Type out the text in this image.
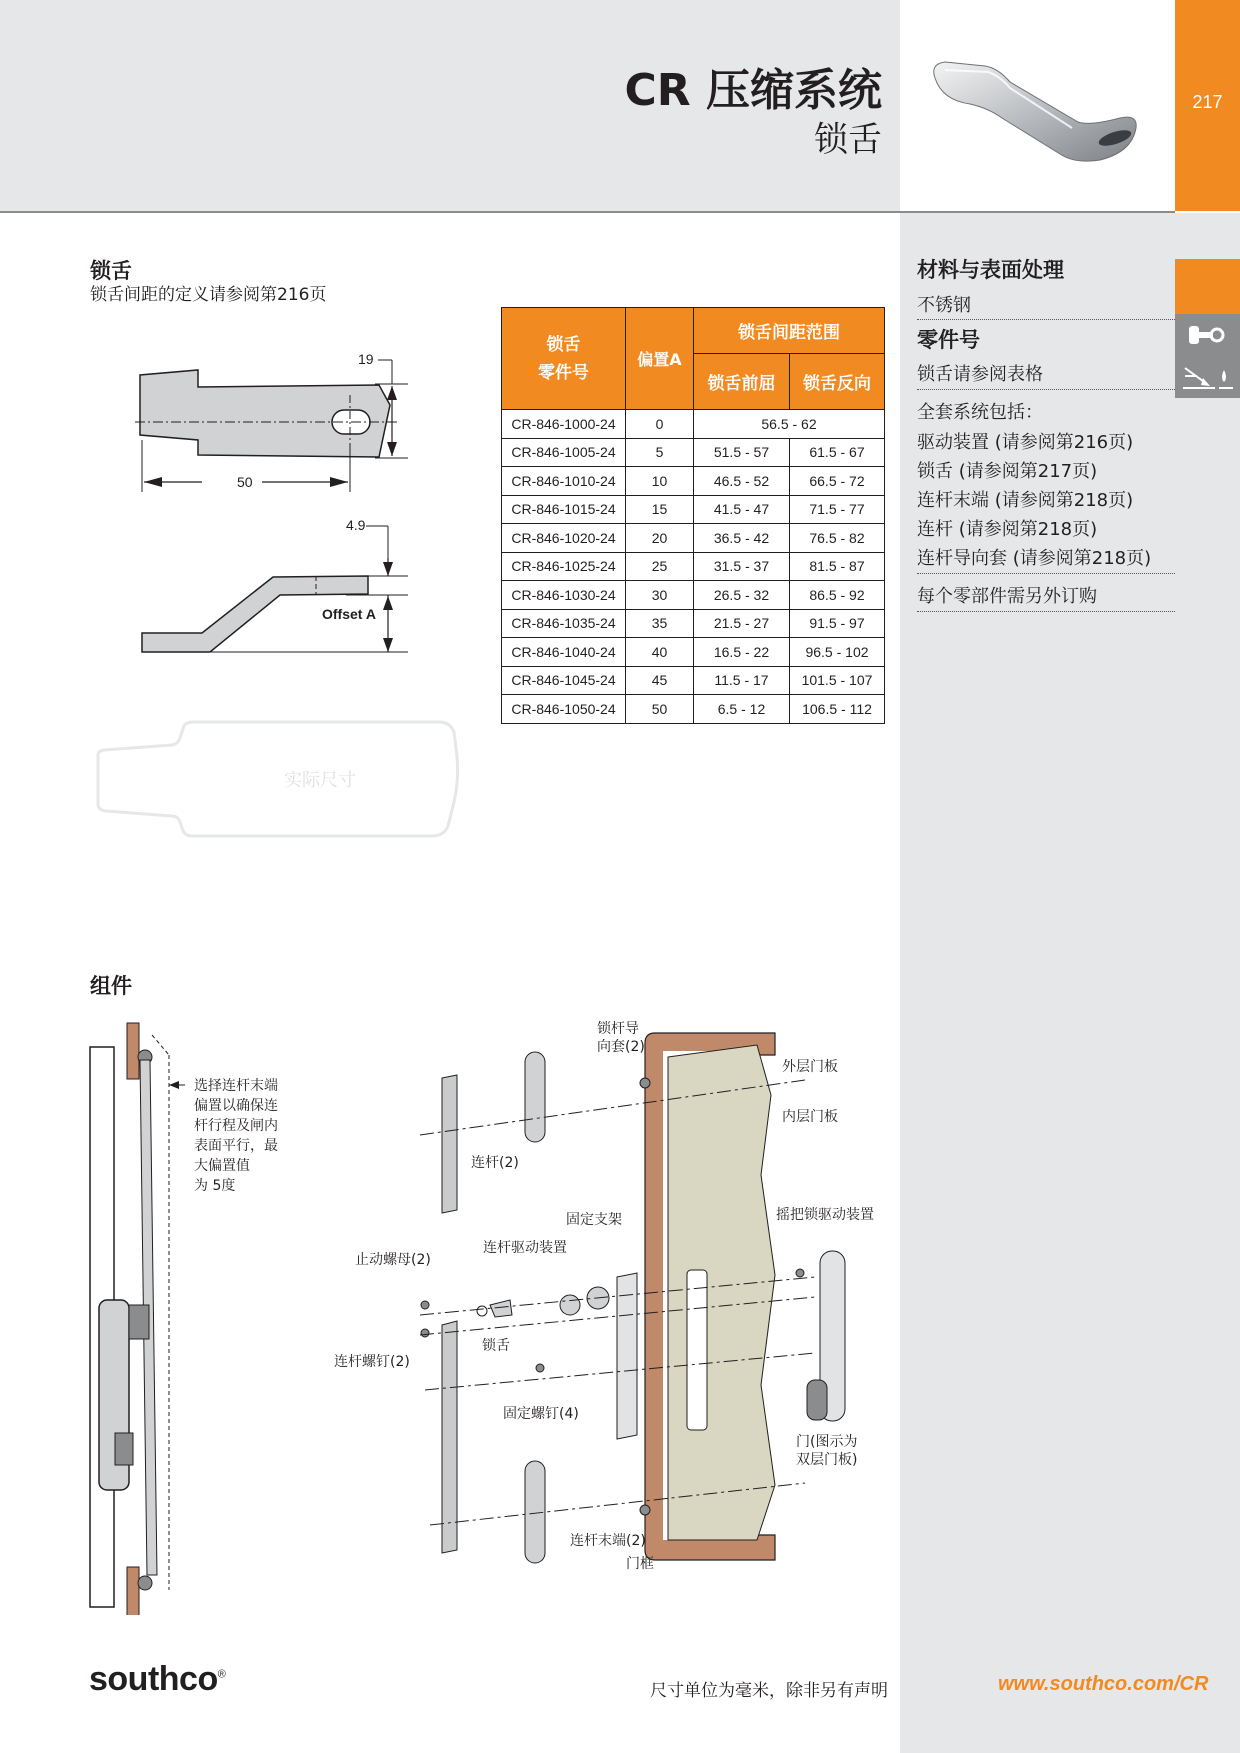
217
CR 压缩系统
锁舌
材料与表面处理
不锈钢
零件号
锁舌请参阅表格
全套系统包括：
驱动装置 (请参阅第216页)
锁舌 (请参阅第217页)
连杆末端 (请参阅第218页)
连杆 (请参阅第218页)
连杆导向套 (请参阅第218页)
每个零部件需另外订购
锁舌
锁舌间距的定义请参阅第216页
19
50
4.9
Offset A
实际尺寸
锁舌
零件号	偏置A	锁舌间距范围	
		锁舌前屈	锁舌反向
CR-846-1000-24	0	56.5 - 62	
CR-846-1005-24	5	51.5 - 57	61.5 - 67
CR-846-1010-24	10	46.5 - 52	66.5 - 72
CR-846-1015-24	15	41.5 - 47	71.5 - 77
CR-846-1020-24	20	36.5 - 42	76.5 - 82
CR-846-1025-24	25	31.5 - 37	81.5 - 87
CR-846-1030-24	30	26.5 - 32	86.5 - 92
CR-846-1035-24	35	21.5 - 27	91.5 - 97
CR-846-1040-24	40	16.5 - 22	96.5 - 102
CR-846-1045-24	45	11.5 - 17	101.5 - 107
CR-846-1050-24	50	6.5 - 12	106.5 - 112
组件
选择连杆末端
偏置以确保连
杆行程及闸内
表面平行，最
大偏置值
为 5度
锁杆导
向套(2)
外层门板
内层门板
连杆(2)
固定支架
连杆驱动装置
摇把锁驱动装置
止动螺母(2)
锁舌
连杆螺钉(2)
固定螺钉(4)
门(图示为
双层门板)
连杆末端(2)
门框
southco®
尺寸单位为毫米，除非另有声明	www.southco.com/CR
